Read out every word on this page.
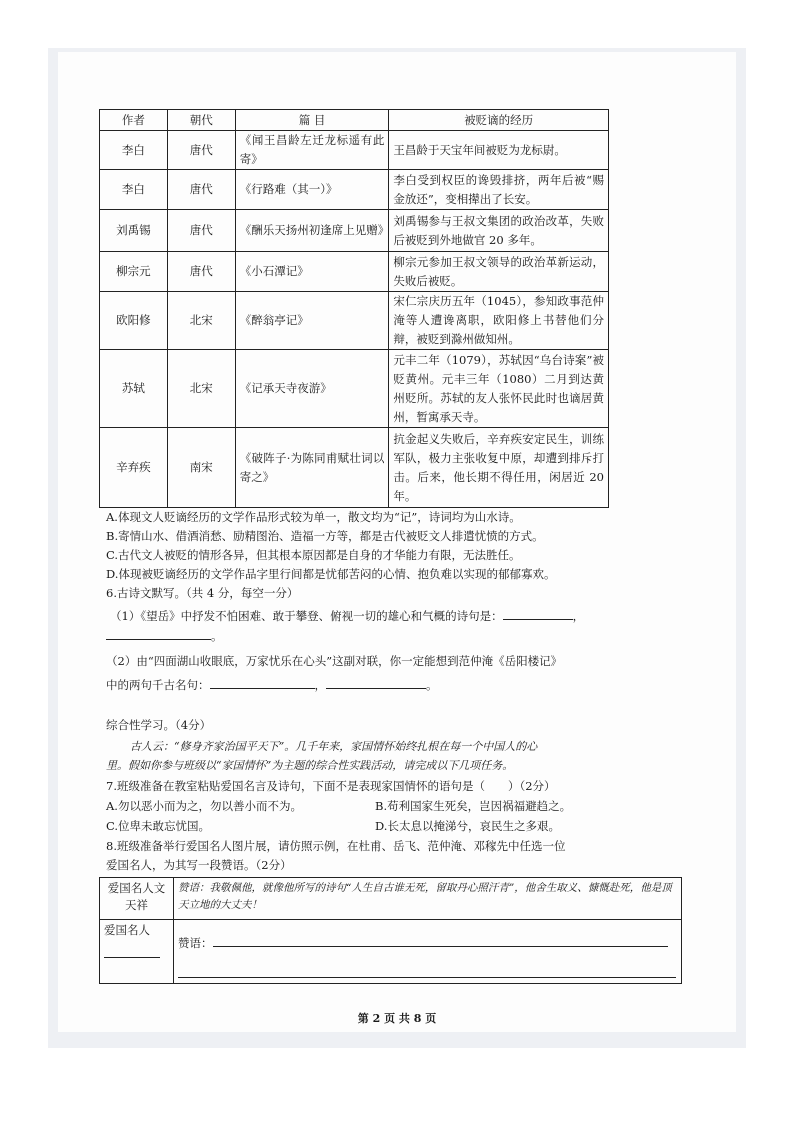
作者	朝代	篇 目	被贬谪的经历
李白	唐代	《闻王昌龄左迁龙标遥有此寄》	王昌龄于天宝年间被贬为龙标尉。
李白	唐代	《行路难（其一）》	李白受到权臣的谗毁排挤，两年后被“赐金放还”，变相撵出了长安。
刘禹锡	唐代	《酬乐天扬州初逢席上见赠》	刘禹锡参与王叔文集团的政治改革，失败后被贬到外地做官 20 多年。
柳宗元	唐代	《小石潭记》	柳宗元参加王叔文领导的政治革新运动，失败后被贬。
欧阳修	北宋	《醉翁亭记》	宋仁宗庆历五年（1045），参知政事范仲淹等人遭谗离职，欧阳修上书替他们分辩，被贬到滁州做知州。
苏轼	北宋	《记承天寺夜游》	元丰二年（1079），苏轼因“乌台诗案”被贬黄州。元丰三年（1080）二月到达黄州贬所。苏轼的友人张怀民此时也谪居黄州，暂寓承天寺。
辛弃疾	南宋	《破阵子·为陈同甫赋壮词以寄之》	抗金起义失败后，辛弃疾安定民生，训练军队，极力主张收复中原，却遭到排斥打击。后来，他长期不得任用，闲居近 20 年。
A.体现文人贬谪经历的文学作品形式较为单一，散文均为“记”，诗词均为山水诗。
B.寄情山水、借酒消愁、励精图治、造福一方等，都是古代被贬文人排遣忧愤的方式。
C.古代文人被贬的情形各异，但其根本原因都是自身的才华能力有限，无法胜任。
D.体现被贬谪经历的文学作品字里行间都是忧郁苦闷的心情、抱负难以实现的郁郁寡欢。
6.古诗文默写。（共 4 分，每空一分）
（1）《望岳》中抒发不怕困难、敢于攀登、俯视一切的雄心和气概的诗句是：	，
。
（2）由“四面湖山收眼底，万家忧乐在心头”这副对联，你一定能想到范仲淹《岳阳楼记》
中的两句千古名句：	，	。
综合性学习。（4分）
古人云：“修身齐家治国平天下”。几千年来，家国情怀始终扎根在每一个中国人的心
里。假如你参与班级以“家国情怀”为主题的综合性实践活动，请完成以下几项任务。
7.班级准备在教室粘贴爱国名言及诗句，下面不是表现家国情怀的语句是（　　）（2分）
A.勿以恶小而为之，勿以善小而不为。	B.苟利国家生死矣，岂因祸福避趋之。
C.位卑未敢忘忧国。	D.长太息以掩涕兮，哀民生之多艰。
8.班级准备举行爱国名人图片展，请仿照示例，在杜甫、岳飞、范仲淹、邓稼先中任选一位
爱国名人，为其写一段赞语。（2分）
爱国名人文天祥	赞语：我敬佩他，就像他所写的诗句“人生自古谁无死，留取丹心照汗青”，他舍生取义、慷慨赴死，他是顶天立地的大丈夫！

爱国名人	赞语：
第 2 页 共 8 页
